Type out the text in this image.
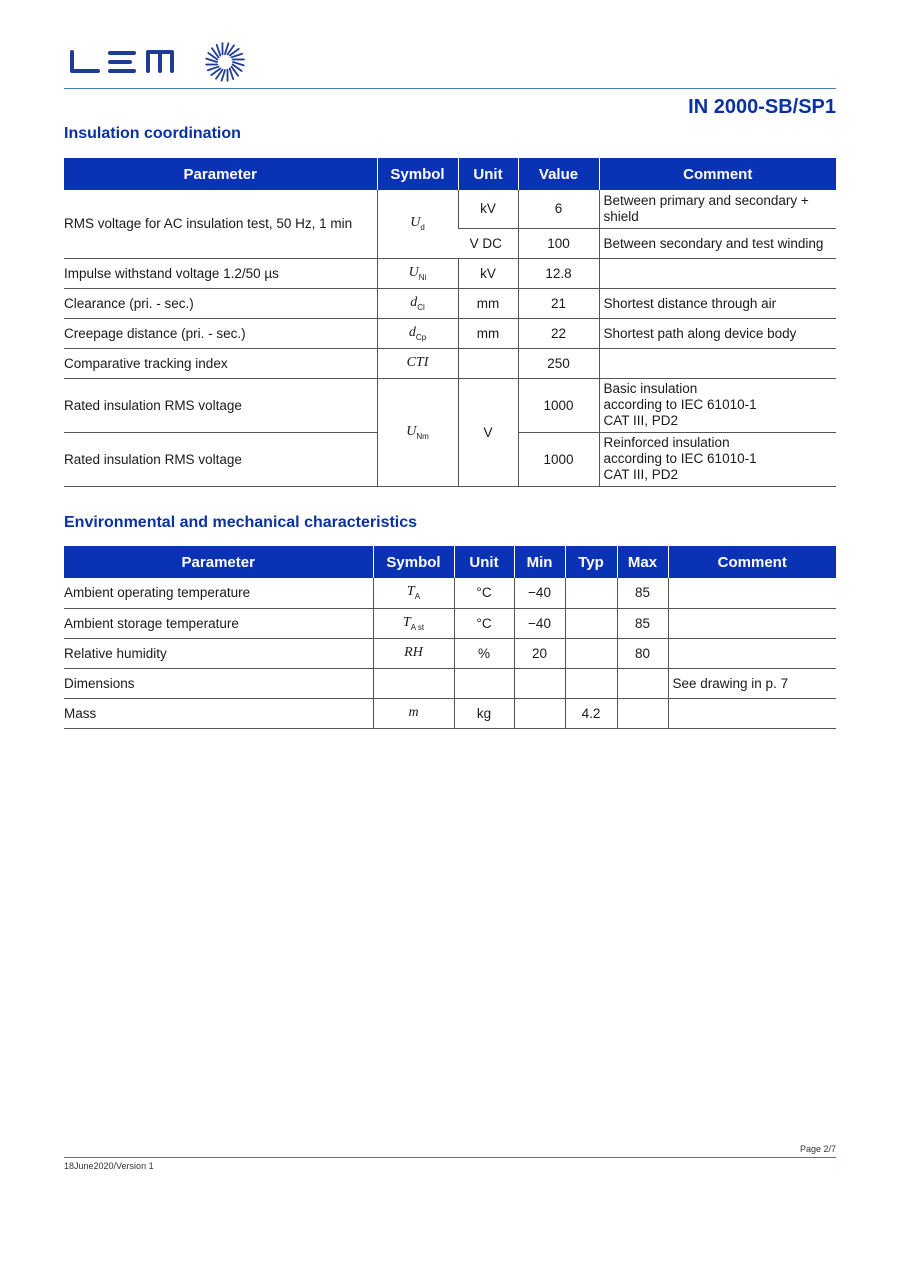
IN 2000-SB/SP1
Insulation coordination
Parameter	Symbol	Unit	Value	Comment
RMS voltage for AC insulation test, 50 Hz, 1 min	$U_d$	kV	6	Between primary and secondary + shield
		V DC	100	Between secondary and test winding
Impulse withstand voltage 1.2/50 µs	$U_{Ni}$	kV	12.8	
Clearance (pri. - sec.)	$d_{Cl}$	mm	21	Shortest distance through air
Creepage distance (pri. - sec.)	$d_{Cp}$	mm	22	Shortest path along device body
Comparative tracking index	CTI		250	
Rated insulation RMS voltage	$U_{Nm}$	V	1000	Basic insulation
according to IEC 61010-1
CAT III, PD2

Rated insulation RMS voltage			1000	Reinforced insulation
according to IEC 61010-1
CAT III, PD2
Environmental and mechanical characteristics
Parameter	Symbol	Unit	Min	Typ	Max	Comment
Ambient operating temperature	$T_A$	°C	−40		85	
Ambient storage temperature	$T_{A st}$	°C	−40		85	
Relative humidity	RH	%	20		80	
Dimensions						See drawing in p. 7
Mass	m	kg		4.2		
Page 2/7
18June2020/Version 1
